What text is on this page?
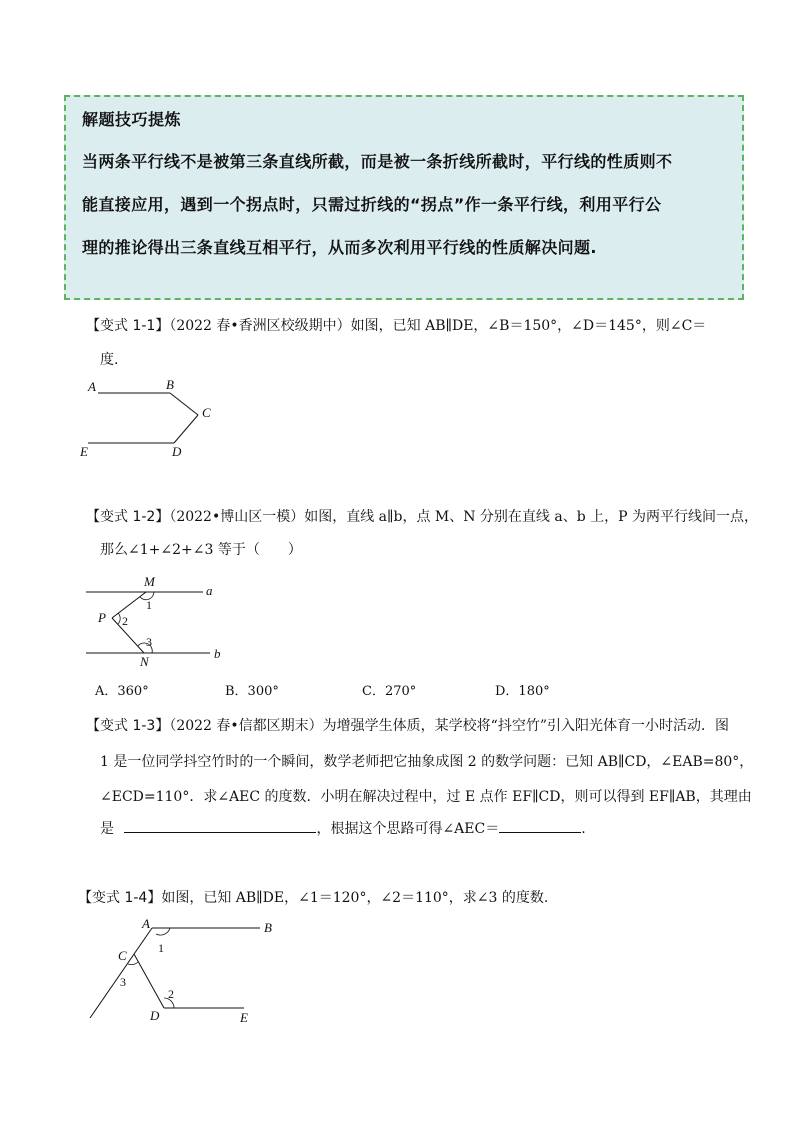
解题技巧提炼
当两条平行线不是被第三条直线所截，而是被一条折线所截时，平行线的性质则不
能直接应用，遇到一个拐点时，只需过折线的“拐点”作一条平行线，利用平行公
理的推论得出三条直线互相平行，从而多次利用平行线的性质解决问题.
【变式 1-1】（2022 春•香洲区校级期中）如图，已知 AB∥DE，∠B＝150°，∠D＝145°，则∠C＝
度.
A	B
C
D
E
【变式 1-2】（2022•博山区一模）如图，直线 a∥b，点 M、N 分别在直线 a、b 上，P 为两平行线间一点，
那么∠1+∠2+∠3 等于（　　）
M
N
P
a
b
1
2
3
A．360°	B．300°	C．270°	D．180°
【变式 1-3】（2022 春•信都区期末）为增强学生体质，某学校将“抖空竹”引入阳光体育一小时活动．图
1 是一位同学抖空竹时的一个瞬间，数学老师把它抽象成图 2 的数学问题：已知 AB∥CD，∠EAB=80°，
∠ECD=110°．求∠AEC 的度数．小明在解决过程中，过 E 点作 EF∥CD，则可以得到 EF∥AB，其理由
是	，根据这个思路可得∠AEC＝	.
【变式 1-4】如图，已知 AB∥DE，∠1＝120°，∠2＝110°，求∠3 的度数.
A	B
C
D	E
1
2
3
